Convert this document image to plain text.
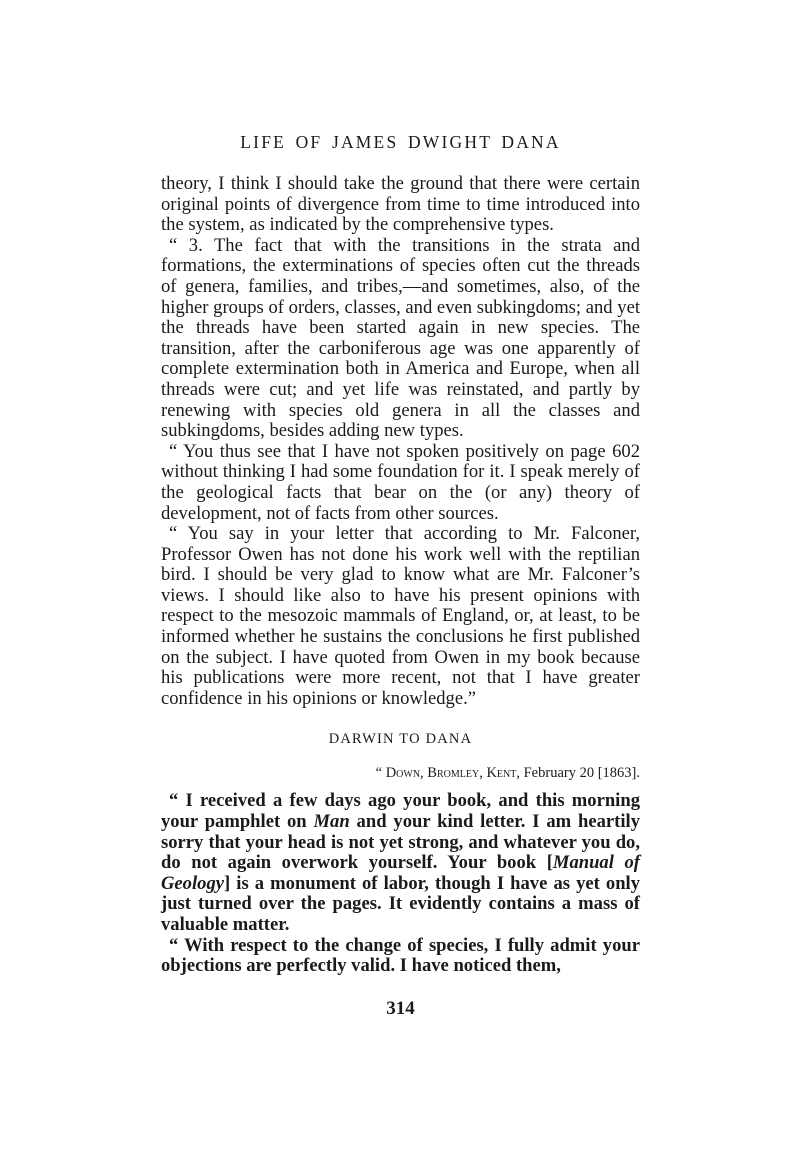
LIFE OF JAMES DWIGHT DANA

theory, I think I should take the ground that there were certain original points of divergence from time to time introduced into the system, as indicated by the comprehensive types.

“ 3. The fact that with the transitions in the strata and formations, the exterminations of species often cut the threads of genera, families, and tribes,—and sometimes, also, of the higher groups of orders, classes, and even subkingdoms; and yet the threads have been started again in new species. The transition, after the carboniferous age was one apparently of complete extermination both in America and Europe, when all threads were cut; and yet life was reinstated, and partly by renewing with species old genera in all the classes and subkingdoms, besides adding new types.

“ You thus see that I have not spoken positively on page 602 without thinking I had some foundation for it. I speak merely of the geological facts that bear on the (or any) theory of development, not of facts from other sources.

“ You say in your letter that according to Mr. Falconer, Professor Owen has not done his work well with the reptilian bird. I should be very glad to know what are Mr. Falconer’s views. I should like also to have his present opinions with respect to the mesozoic mammals of England, or, at least, to be informed whether he sustains the conclusions he first published on the subject. I have quoted from Owen in my book because his publications were more recent, not that I have greater confidence in his opinions or knowledge.”

DARWIN TO DANA
“ Down, Bromley, Kent, February 20 [1863].

“ I received a few days ago your book, and this morning your pamphlet on Man and your kind letter. I am heartily sorry that your head is not yet strong, and whatever you do, do not again overwork yourself. Your book [Manual of Geology] is a monument of labor, though I have as yet only just turned over the pages. It evidently contains a mass of valuable matter.

“ With respect to the change of species, I fully admit your objections are perfectly valid. I have noticed them,

314
